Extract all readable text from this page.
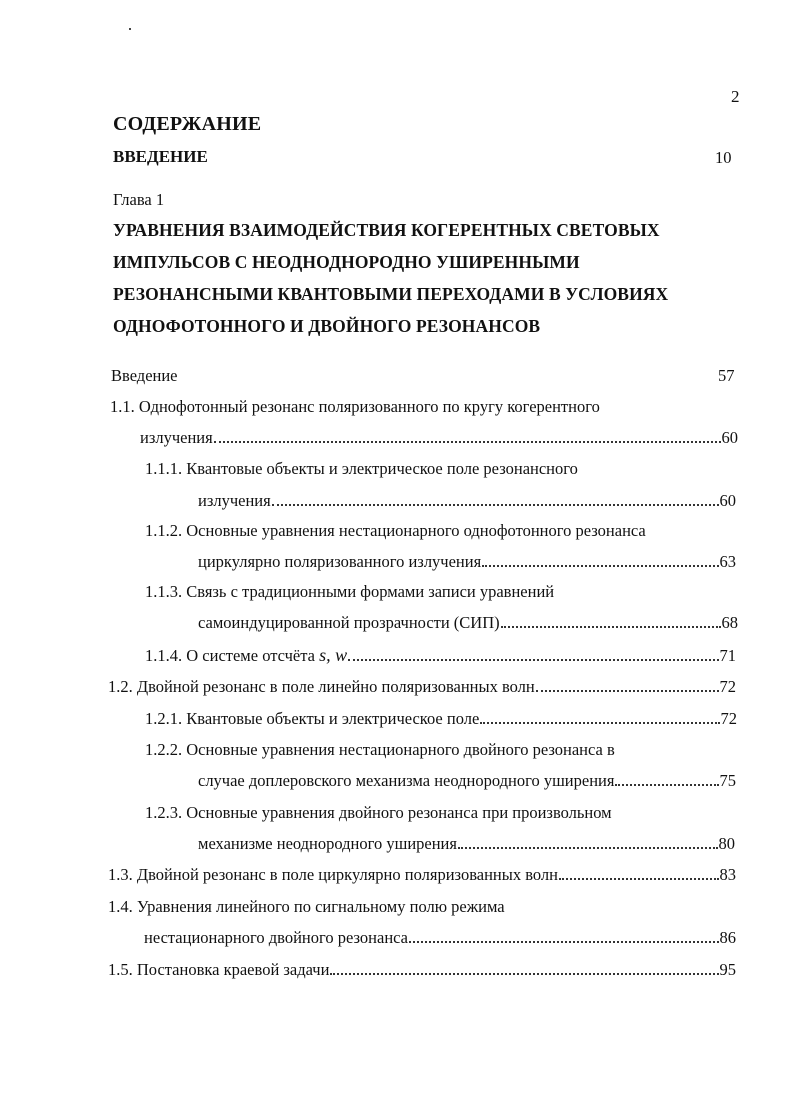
2
СОДЕРЖАНИЕ
ВВЕДЕНИЕ	10
Глава 1
УРАВНЕНИЯ ВЗАИМОДЕЙСТВИЯ КОГЕРЕНТНЫХ СВЕТОВЫХ
ИМПУЛЬСОВ С НЕОДНОДНОРОДНО УШИРЕННЫМИ
РЕЗОНАНСНЫМИ КВАНТОВЫМИ ПЕРЕХОДАМИ В УСЛОВИЯХ
ОДНОФОТОННОГО И ДВОЙНОГО РЕЗОНАНСОВ
Введение	57
1.1. Однофотонный резонанс поляризованного по кругу когерентного
излучения	60
1.1.1. Квантовые объекты и электрическое поле резонансного
излучения	60
1.1.2. Основные уравнения нестационарного однофотонного резонанса
циркулярно поляризованного излучения	63
1.1.3. Связь с традиционными формами записи уравнений
самоиндуцированной прозрачности (СИП)	68
1.1.4. О системе отсчёта s, w	71
1.2. Двойной резонанс в поле линейно поляризованных волн	72
1.2.1. Квантовые объекты и электрическое поле	72
1.2.2. Основные уравнения нестационарного двойного резонанса в
случае доплеровского механизма неоднородного уширения	75
1.2.3. Основные уравнения двойного резонанса при произвольном
механизме неоднородного уширения	80
1.3. Двойной резонанс в поле циркулярно поляризованных волн	83
1.4. Уравнения линейного по сигнальному полю режима
нестационарного двойного резонанса	86
1.5. Постановка краевой задачи	95
